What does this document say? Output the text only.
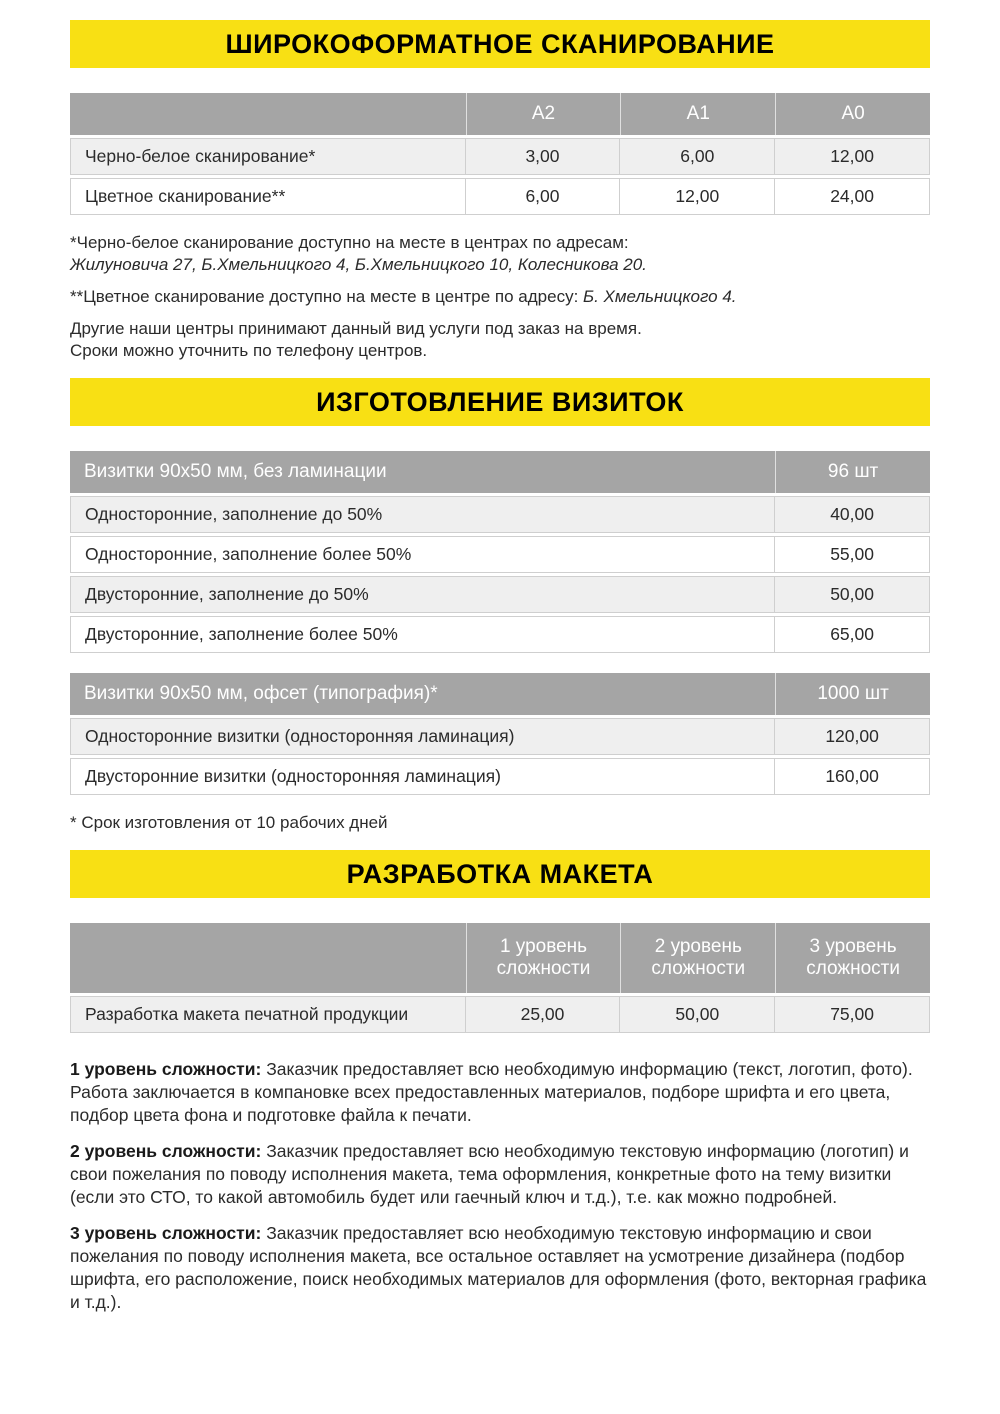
ШИРОКОФОРМАТНОЕ СКАНИРОВАНИЕ
	A2	A1	A0
Черно-белое сканирование*	3,00	6,00	12,00
Цветное сканирование**	6,00	12,00	24,00

*Черно-белое сканирование доступно на месте в центрах по адресам:
Жилуновича 27, Б.Хмельницкого 4, Б.Хмельницкого 10, Колесникова 20.

**Цветное сканирование доступно на месте в центре по адресу: Б. Хмельницкого 4.

Другие наши центры принимают данный вид услуги под заказ на время.
Сроки можно уточнить по телефону центров.

ИЗГОТОВЛЕНИЕ ВИЗИТОК
Визитки 90x50 мм, без ламинации	96 шт
Односторонние, заполнение до 50%	40,00
Односторонние, заполнение более 50%	55,00
Двусторонние, заполнение до 50%	50,00
Двусторонние, заполнение более 50%	65,00
Визитки 90x50 мм, офсет (типография)*	1000 шт
Односторонние визитки (односторонняя ламинация)	120,00
Двусторонние визитки (односторонняя ламинация)	160,00

* Срок изготовления от 10 рабочих дней

РАЗРАБОТКА МАКЕТА
	1 уровень сложности	2 уровень сложности	3 уровень сложности
Разработка макета печатной продукции	25,00	50,00	75,00

1 уровень сложности: Заказчик предоставляет всю необходимую информацию (текст, логотип, фото). Работа заключается в компановке всех предоставленных материалов, подборе шрифта и его цвета, подбор цвета фона и подготовке файла к печати.

2 уровень сложности: Заказчик предоставляет всю необходимую текстовую информацию (логотип) и свои пожелания по поводу исполнения макета, тема оформления, конкретные фото на тему визитки (если это СТО, то какой автомобиль будет или гаечный ключ и т.д.), т.е. как можно подробней.

3 уровень сложности: Заказчик предоставляет всю необходимую текстовую информацию и свои пожелания по поводу исполнения макета, все остальное оставляет на усмотрение дизайнера (подбор шрифта, его расположение, поиск необходимых материалов для оформления (фото, векторная графика и т.д.).
